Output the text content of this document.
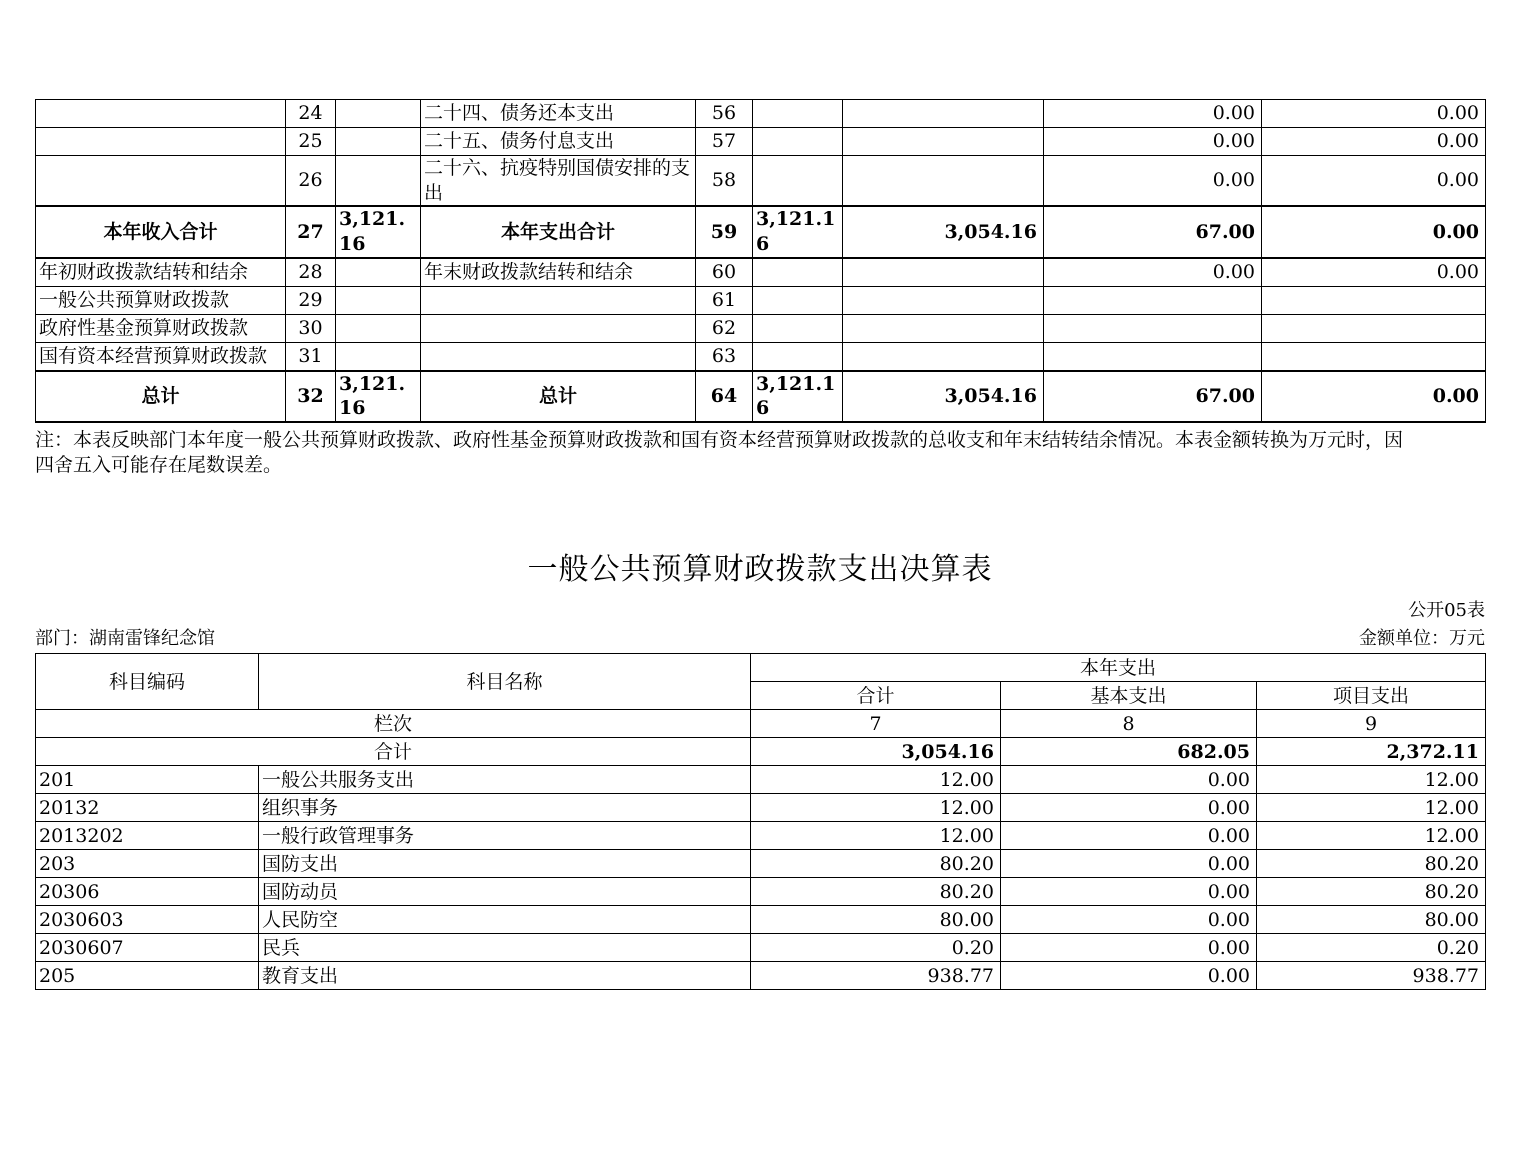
	24		二十四、债务还本支出	56			0.00	0.00
	25		二十五、债务付息支出	57			0.00	0.00
	26		二十六、抗疫特别国债安排的支出	58			0.00	0.00
本年收入合计	27	3,121.16	本年支出合计	59	3,121.16	3,054.16	67.00	0.00
年初财政拨款结转和结余	28		年末财政拨款结转和结余	60			0.00	0.00
一般公共预算财政拨款	29			61				
政府性基金预算财政拨款	30			62				
国有资本经营预算财政拨款	31			63				
总计	32	3,121.16	总计	64	3,121.16	3,054.16	67.00	0.00

注：本表反映部门本年度一般公共预算财政拨款、政府性基金预算财政拨款和国有资本经营预算财政拨款的总收支和年末结转结余情况。本表金额转换为万元时，因
四舍五入可能存在尾数误差。

一般公共预算财政拨款支出决算表
公开05表
部门：湖南雷锋纪念馆	金额单位：万元
科目编码	科目名称	本年支出		
		合计	基本支出	项目支出
栏次		7	8	9
合计		3,054.16	682.05	2,372.11
201	一般公共服务支出	12.00	0.00	12.00
20132	组织事务	12.00	0.00	12.00
2013202	一般行政管理事务	12.00	0.00	12.00
203	国防支出	80.20	0.00	80.20
20306	国防动员	80.20	0.00	80.20
2030603	人民防空	80.00	0.00	80.00
2030607	民兵	0.20	0.00	0.20
205	教育支出	938.77	0.00	938.77
